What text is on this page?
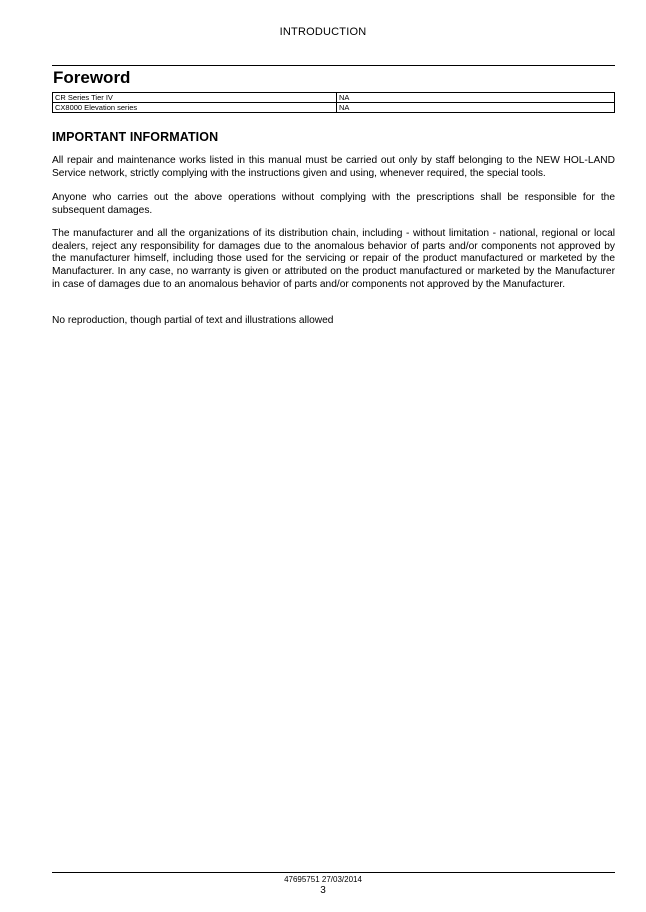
INTRODUCTION
Foreword
CR Series Tier IV	NA
CX8000 Elevation series	NA
IMPORTANT INFORMATION

All repair and maintenance works listed in this manual must be carried out only by staff belonging to the NEW HOL-LAND Service network, strictly complying with the instructions given and using, whenever required, the special tools.

Anyone who carries out the above operations without complying with the prescriptions shall be responsible for the subsequent damages.

The manufacturer and all the organizations of its distribution chain, including - without limitation - national, regional or local dealers, reject any responsibility for damages due to the anomalous behavior of parts and/or components not approved by the manufacturer himself, including those used for the servicing or repair of the product manufactured or marketed by the Manufacturer. In any case, no warranty is given or attributed on the product manufactured or marketed by the Manufacturer in case of damages due to an anomalous behavior of parts and/or components not approved by the Manufacturer.

No reproduction, though partial of text and illustrations allowed

47695751 27/03/2014
3
